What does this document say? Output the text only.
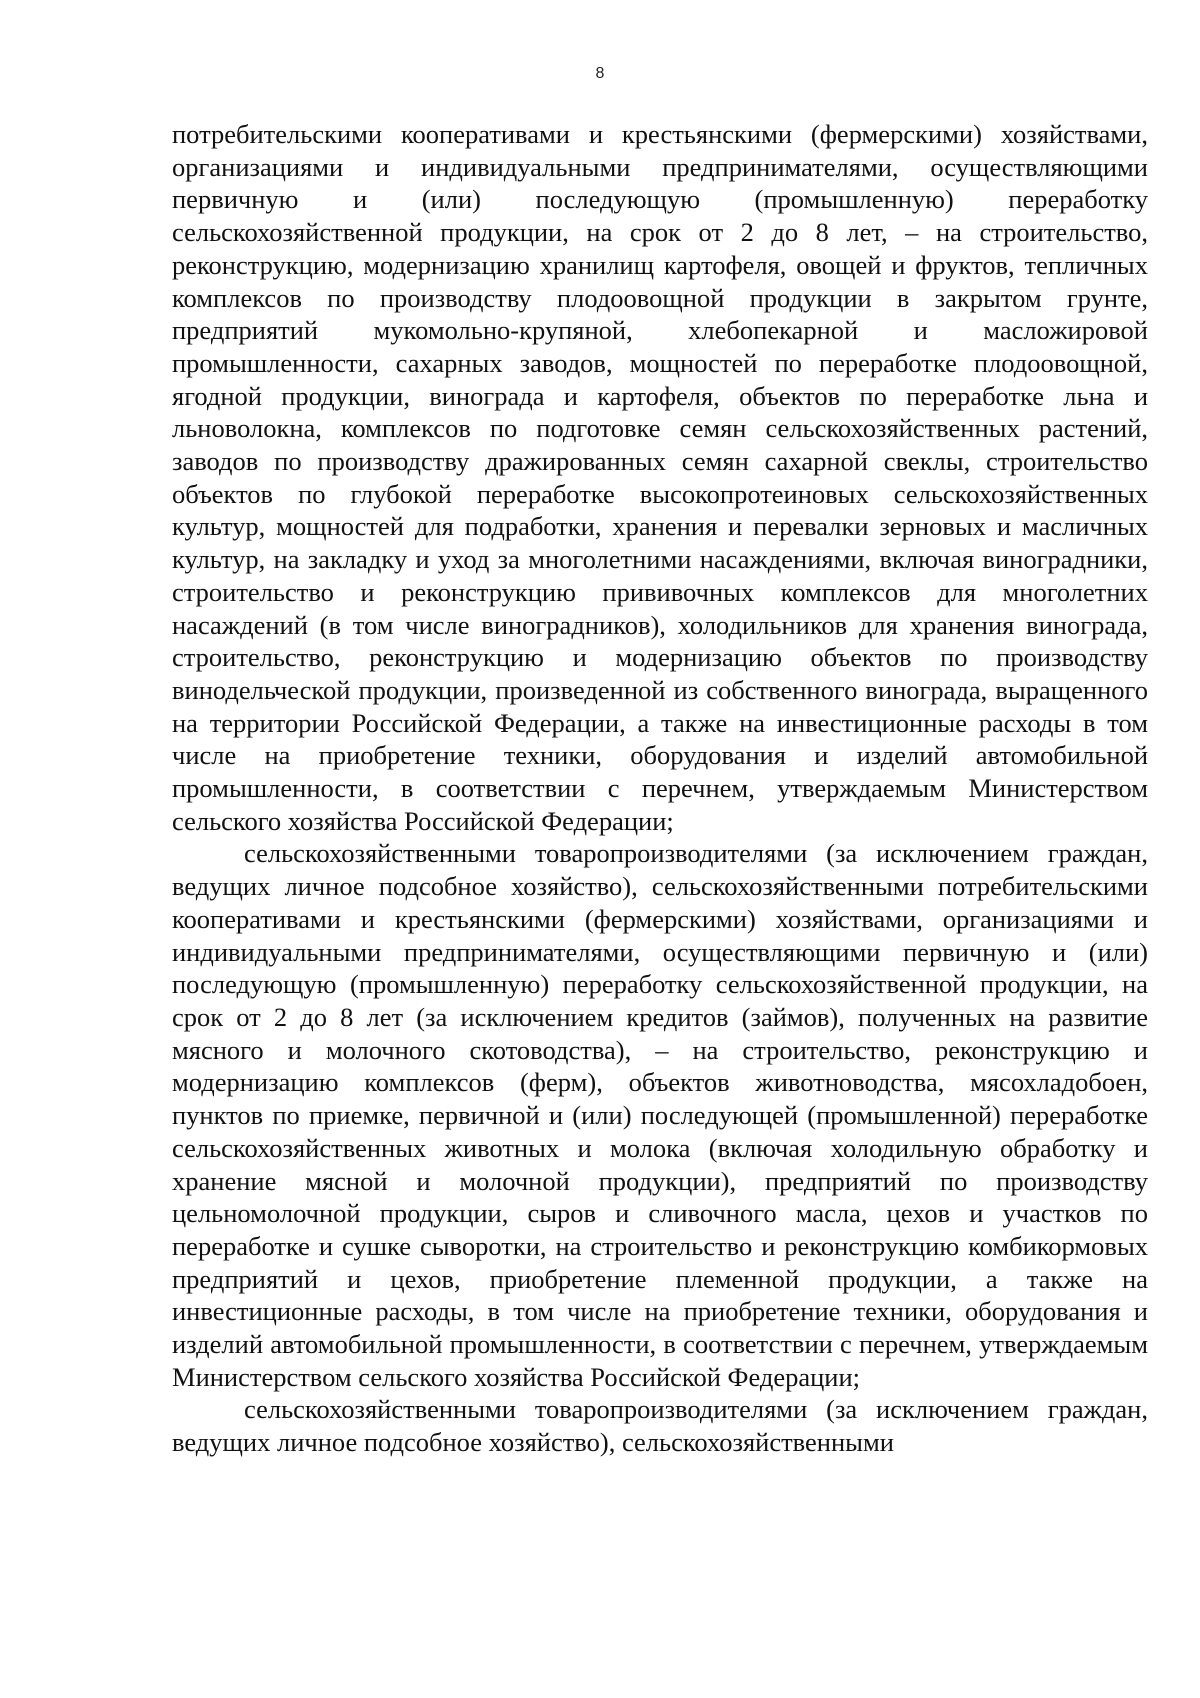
8

потребительскими кооперативами и крестьянскими (фермерскими) хозяйствами, организациями и индивидуальными предпринимателями, осуществляющими первичную и (или) последующую (промышленную) переработку сельскохозяйственной продукции, на срок от 2 до 8 лет, – на строительство, реконструкцию, модернизацию хранилищ картофеля, овощей и фруктов, тепличных комплексов по производству плодоовощной продукции в закрытом грунте, предприятий мукомольно-крупяной, хлебопекарной и масложировой промышленности, сахарных заводов, мощностей по переработке плодоовощной, ягодной продукции, винограда и картофеля, объектов по переработке льна и льноволокна, комплексов по подготовке семян сельскохозяйственных растений, заводов по производству дражированных семян сахарной свеклы, строительство объектов по глубокой переработке высокопротеиновых сельскохозяйственных культур, мощностей для подработки, хранения и перевалки зерновых и масличных культур, на закладку и уход за многолетними насаждениями, включая виноградники, строительство и реконструкцию прививочных комплексов для многолетних насаждений (в том числе виноградников), холодильников для хранения винограда, строительство, реконструкцию и модернизацию объектов по производству винодельческой продукции, произведенной из собственного винограда, выращенного на территории Российской Федерации, а также на инвестиционные расходы в том числе на приобретение техники, оборудования и изделий автомобильной промышленности, в соответствии с перечнем, утверждаемым Министерством сельского хозяйства Российской Федерации;

сельскохозяйственными товаропроизводителями (за исключением граждан, ведущих личное подсобное хозяйство), сельскохозяйственными потребительскими кооперативами и крестьянскими (фермерскими) хозяйствами, организациями и индивидуальными предпринимателями, осуществляющими первичную и (или) последующую (промышленную) переработку сельскохозяйственной продукции, на срок от 2 до 8 лет (за исключением кредитов (займов), полученных на развитие мясного и молочного скотоводства), – на строительство, реконструкцию и модернизацию комплексов (ферм), объектов животноводства, мясохладобоен, пунктов по приемке, первичной и (или) последующей (промышленной) переработке сельскохозяйственных животных и молока (включая холодильную обработку и хранение мясной и молочной продукции), предприятий по производству цельномолочной продукции, сыров и сливочного масла, цехов и участков по переработке и сушке сыворотки, на строительство и реконструкцию комбикормовых предприятий и цехов, приобретение племенной продукции, а также на инвестиционные расходы, в том числе на приобретение техники, оборудования и изделий автомобильной промышленности, в соответствии с перечнем, утверждаемым Министерством сельского хозяйства Российской Федерации;

сельскохозяйственными товаропроизводителями (за исключением граждан, ведущих личное подсобное хозяйство), сельскохозяйственными
